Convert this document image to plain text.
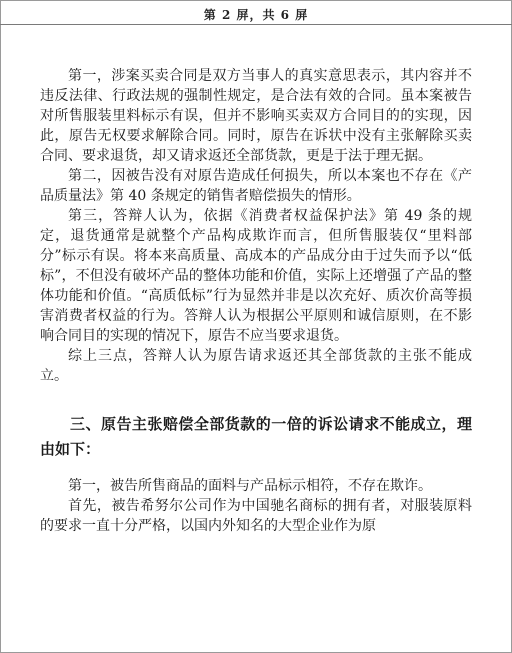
第 2 屏，共 6 屏

第一，涉案买卖合同是双方当事人的真实意思表示，其内容并不违反法律、行政法规的强制性规定，是合法有效的合同。虽本案被告对所售服装里料标示有误，但并不影响买卖双方合同目的的实现，因此，原告无权要求解除合同。同时，原告在诉状中没有主张解除买卖合同、要求退货，却又请求返还全部货款，更是于法于理无据。

第二，因被告没有对原告造成任何损失，所以本案也不存在《产品质量法》第 40 条规定的销售者赔偿损失的情形。

第三，答辩人认为，依据《消费者权益保护法》第 49 条的规定，退货通常是就整个产品构成欺诈而言，但所售服装仅“里料部分”标示有误。将本来高质量、高成本的产品成分由于过失而予以“低标”，不但没有破坏产品的整体功能和价值，实际上还增强了产品的整体功能和价值。“高质低标”行为显然并非是以次充好、质次价高等损害消费者权益的行为。答辩人认为根据公平原则和诚信原则，在不影响合同目的实现的情况下，原告不应当要求退货。

综上三点，答辩人认为原告请求返还其全部货款的主张不能成立。

三、原告主张赔偿全部货款的一倍的诉讼请求不能成立，理由如下：

第一，被告所售商品的面料与产品标示相符，不存在欺诈。

首先，被告希努尔公司作为中国驰名商标的拥有者，对服装原料的要求一直十分严格，以国内外知名的大型企业作为原
